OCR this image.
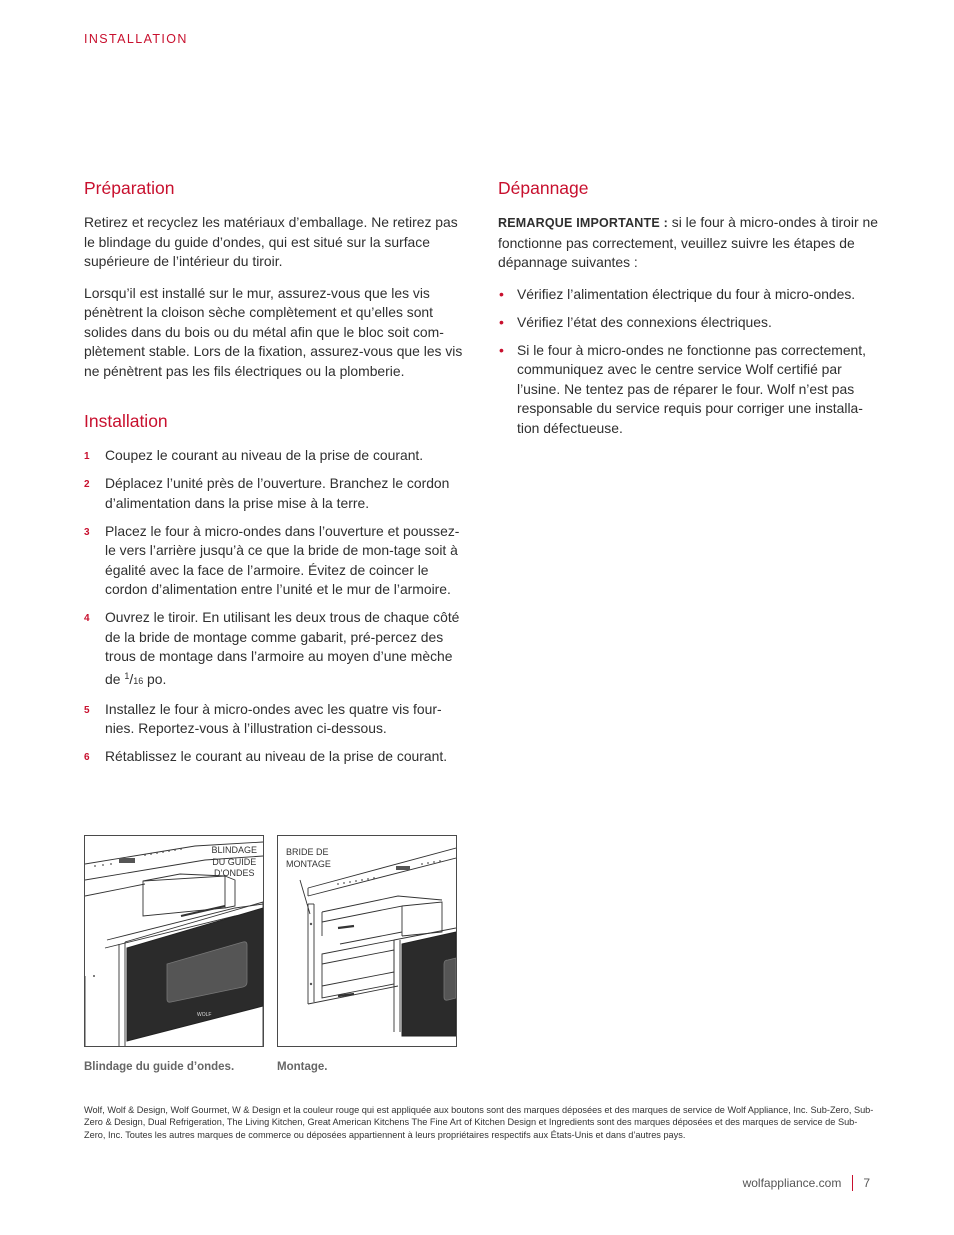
INSTALLATION
Préparation

Retirez et recyclez les matériaux d’emballage. Ne retirez pas le blindage du guide d’ondes, qui est situé sur la surface supérieure de l’intérieur du tiroir.

Lorsqu’il est installé sur le mur, assurez-vous que les vis pénètrent la cloison sèche complètement et qu’elles sont solides dans du bois ou du métal afin que le bloc soit com-plètement stable. Lors de la fixation, assurez-vous que les vis ne pénètrent pas les fils électriques ou la plomberie.

Installation
1 Coupez le courant au niveau de la prise de courant.
2 Déplacez l’unité près de l’ouverture. Branchez le cordon d’alimentation dans la prise mise à la terre.
3 Placez le four à micro-ondes dans l’ouverture et poussez-le vers l’arrière jusqu’à ce que la bride de mon-tage soit à égalité avec la face de l’armoire. Évitez de coincer le cordon d’alimentation entre l’unité et le mur de l’armoire.
4 Ouvrez le tiroir. En utilisant les deux trous de chaque côté de la bride de montage comme gabarit, pré-percez des trous de montage dans l’armoire au moyen d’une mèche de $^1$/16 po.
5 Installez le four à micro-ondes avec les quatre vis four-nies. Reportez-vous à l’illustration ci-dessous.
6 Rétablissez le courant au niveau de la prise de courant.
Dépannage

REMARQUE IMPORTANTE : si le four à micro-ondes à tiroir ne fonctionne pas correctement, veuillez suivre les étapes de dépannage suivantes :

• Vérifiez l’alimentation électrique du four à micro-ondes.
• Vérifiez l’état des connexions électriques.
• Si le four à micro-ondes ne fonctionne pas correctement, communiquez avec le centre service Wolf certifié par l’usine. Ne tentez pas de réparer le four. Wolf n’est pas responsable du service requis pour corriger une installa-tion défectueuse.
WOLF
BLINDAGE
DU GUIDE
D’ONDES
Blindage du guide d’ondes.
BRIDE DE
MONTAGE
Montage.
Wolf, Wolf & Design, Wolf Gourmet, W & Design et la couleur rouge qui est appliquée aux boutons sont des marques déposées et des marques de service de Wolf Appliance, Inc. Sub-Zero, Sub-Zero & Design, Dual Refrigeration, The Living Kitchen, Great American Kitchens The Fine Art of Kitchen Design et Ingredients sont des marques déposées et des marques de service de Sub-Zero, Inc. Toutes les autres marques de commerce ou déposées appartiennent à leurs propriétaires respectifs aux États-Unis et dans d’autres pays.
wolfappliance.com 7
